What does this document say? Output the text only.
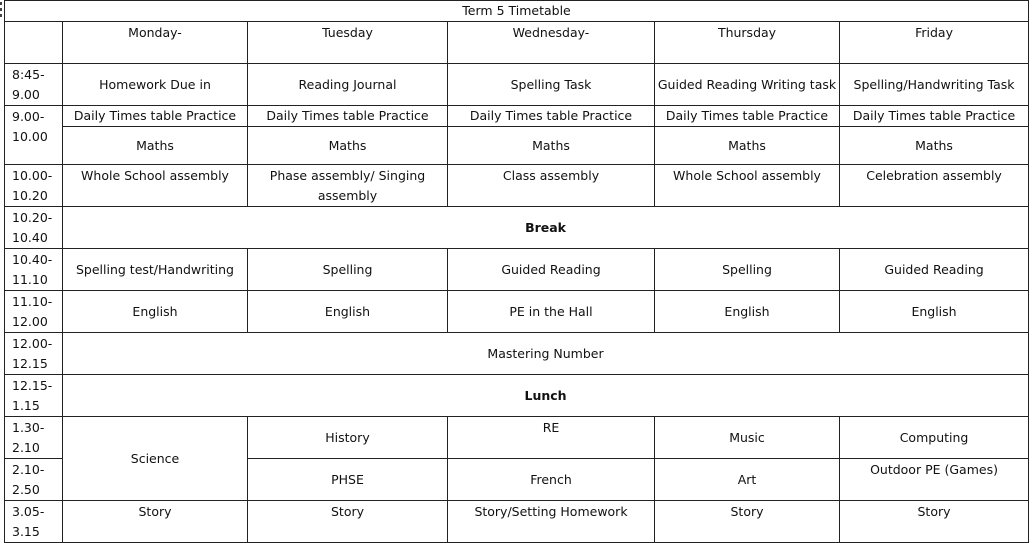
Term 5 Timetable					
	Monday-	Tuesday	Wednesday-	Thursday	Friday

8:45-
9.00	Homework Due in	Reading Journal	Spelling Task	Guided Reading Writing task	Spelling/Handwriting Task

9.00-
10.00	Daily Times table Practice	Daily Times table Practice	Daily Times table Practice	Daily Times table Practice	Daily Times table Practice
	Maths	Maths	Maths	Maths	Maths

10.00-
10.20	Whole School assembly	Phase assembly/ Singing assembly	Class assembly	Whole School assembly	Celebration assembly

10.20-
10.40	Break				

10.40-
11.10	Spelling test/Handwriting	Spelling	Guided Reading	Spelling	Guided Reading

11.10-
12.00	English	English	PE in the Hall	English	English

12.00-
12.15	Mastering Number				

12.15-
1.15	Lunch				

1.30-
2.10	Science	History	RE	Music	Computing

2.10-
2.50		PHSE	French	Art	Outdoor PE (Games)

3.05-
3.15	Story	Story	Story/Setting Homework	Story	Story
